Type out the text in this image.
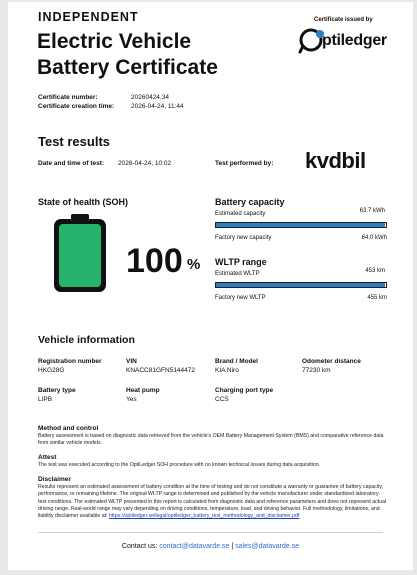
INDEPENDENT
Electric Vehicle
Battery Certificate
Certificate issued by
ptiledger
Certificate number:	20260424.34
Certificate creation time:	2026-04-24, 11:44
Test results
Date and time of test: 2026-04-24, 10:02	Test performed by: kvdbil
State of health (SOH)
100 %
Battery capacity
Estimated capacity	63.7 kWh
Factory new capacity	64.0 kWh
WLTP range
Estimated WLTP	453 km
Factory new WLTP	455 km
Vehicle information
Registration number
HKG28G
VIN
KNACC81GFN5144472
Brand / Model
KIA Niro
Odometer distance
77230 km
Battery type
LIPB
Heat pump
Yes
Charging port type
CCS
Method and control
Battery assessment is based on diagnostic data retrieved from the vehicle's OEM Battery Management System (BMS) and comparative reference data from similar vehicle models.
Attest
The test was executed according to the OptiLedger SOH procedure with no known technical issues during data acquisition.
Disclaimer
Results represent an estimated assessment of battery condition at the time of testing and do not constitute a warranty or guarantee of battery capacity, performance, or remaining lifetime. The original WLTP range is determined and published by the vehicle manufacturer under standardized laboratory test conditions. The estimated WLTP presented in this report is calculated from diagnostic data and reference parameters and does not represent actual driving range. Real-world range may vary depending on driving conditions, temperature, load, and driving behavior. Full methodology, limitations, and liability disclaimer available at: https://optiledger.se/legal/optiledger_battery_test_methodology_and_disclaimer.pdf
Contact us: contact@datavarde.se | sales@datavarde.se
